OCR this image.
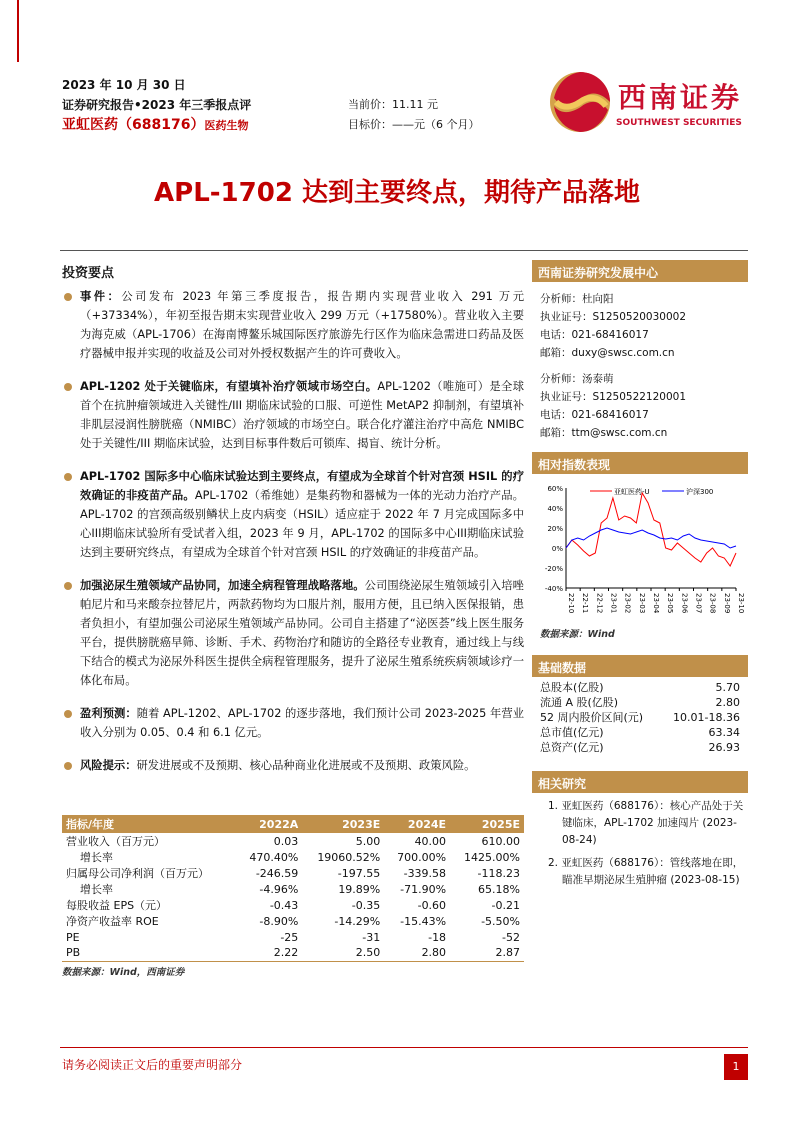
2023 年 10 月 30 日
证券研究报告•2023 年三季报点评
亚虹医药（688176）医药生物
当前价：11.11 元
目标价：——元（6 个月）
西南证券
SOUTHWEST SECURITIES
APL-1702 达到主要终点，期待产品落地
投资要点
事件：公司发布 2023 年第三季度报告，报告期内实现营业收入 291 万元（+37334%），年初至报告期末实现营业收入 299 万元（+17580%）。营业收入主要为海克威（APL-1706）在海南博鳌乐城国际医疗旅游先行区作为临床急需进口药品及医疗器械申报并实现的收益及公司对外授权数据产生的许可费收入。
APL-1202 处于关键临床，有望填补治疗领域市场空白。APL-1202（唯施可）是全球首个在抗肿瘤领域进入关键性/III 期临床试验的口服、可逆性 MetAP2 抑制剂，有望填补非肌层浸润性膀胱癌（NMIBC）治疗领域的市场空白。联合化疗灌注治疗中高危 NMIBC 处于关键性/III 期临床试验，达到目标事件数后可锁库、揭盲、统计分析。
APL-1702 国际多中心临床试验达到主要终点，有望成为全球首个针对宫颈 HSIL 的疗效确证的非疫苗产品。APL-1702（希维她）是集药物和器械为一体的光动力治疗产品。APL-1702 的宫颈高级别鳞状上皮内病变（HSIL）适应症于 2022 年 7 月完成国际多中心III期临床试验所有受试者入组，2023 年 9 月，APL-1702 的国际多中心III期临床试验达到主要研究终点，有望成为全球首个针对宫颈 HSIL 的疗效确证的非疫苗产品。
加强泌尿生殖领域产品协同，加速全病程管理战略落地。公司围绕泌尿生殖领域引入培唑帕尼片和马来酸奈拉替尼片，两款药物均为口服片剂，服用方便，且已纳入医保报销，患者负担小，有望加强公司泌尿生殖领域产品协同。公司自主搭建了“泌医荟”线上医生服务平台，提供膀胱癌早筛、诊断、手术、药物治疗和随访的全路径专业教育，通过线上与线下结合的模式为泌尿外科医生提供全病程管理服务，提升了泌尿生殖系统疾病领域诊疗一体化布局。
盈利预测：随着 APL-1202、APL-1702 的逐步落地，我们预计公司 2023-2025 年营业收入分别为 0.05、0.4 和 6.1 亿元。
风险提示：研发进展或不及预期、核心品种商业化进展或不及预期、政策风险。
指标/年度	2022A	2023E	2024E	2025E
营业收入（百万元）	0.03	5.00	40.00	610.00
增长率	470.40%	19060.52%	700.00%	1425.00%
归属母公司净利润（百万元）	-246.59	-197.55	-339.58	-118.23
增长率	-4.96%	19.89%	-71.90%	65.18%
每股收益 EPS（元）	-0.43	-0.35	-0.60	-0.21
净资产收益率 ROE	-8.90%	-14.29%	-15.43%	-5.50%
PE	-25	-31	-18	-52
PB	2.22	2.50	2.80	2.87
数据来源：Wind，西南证券
西南证券研究发展中心
分析师：杜向阳
执业证号：S1250520030002
电话：021-68416017
邮箱：duxy@swsc.com.cn
分析师：汤泰萌
执业证号：S1250522120001
电话：021-68416017
邮箱：ttm@swsc.com.cn
相对指数表现
60%
40%
20%
0%
-20%
-40%
22-10 22-11 22-12 23-01 23-02 23-03 23-04 23-05 23-06 23-07 23-08 23-09 23-10
亚虹医药-U	沪深300
数据来源：Wind
基础数据
总股本(亿股)	5.70
流通 A 股(亿股)	2.80
52 周内股价区间(元)	10.01-18.36
总市值(亿元)	63.34
总资产(亿元)	26.93
相关研究
1. 亚虹医药（688176）：核心产品处于关键临床，APL-1702 加速闯片 (2023-08-24)
2. 亚虹医药（688176）：管线落地在即，瞄准早期泌尿生殖肿瘤 (2023-08-15)
请务必阅读正文后的重要声明部分	1
